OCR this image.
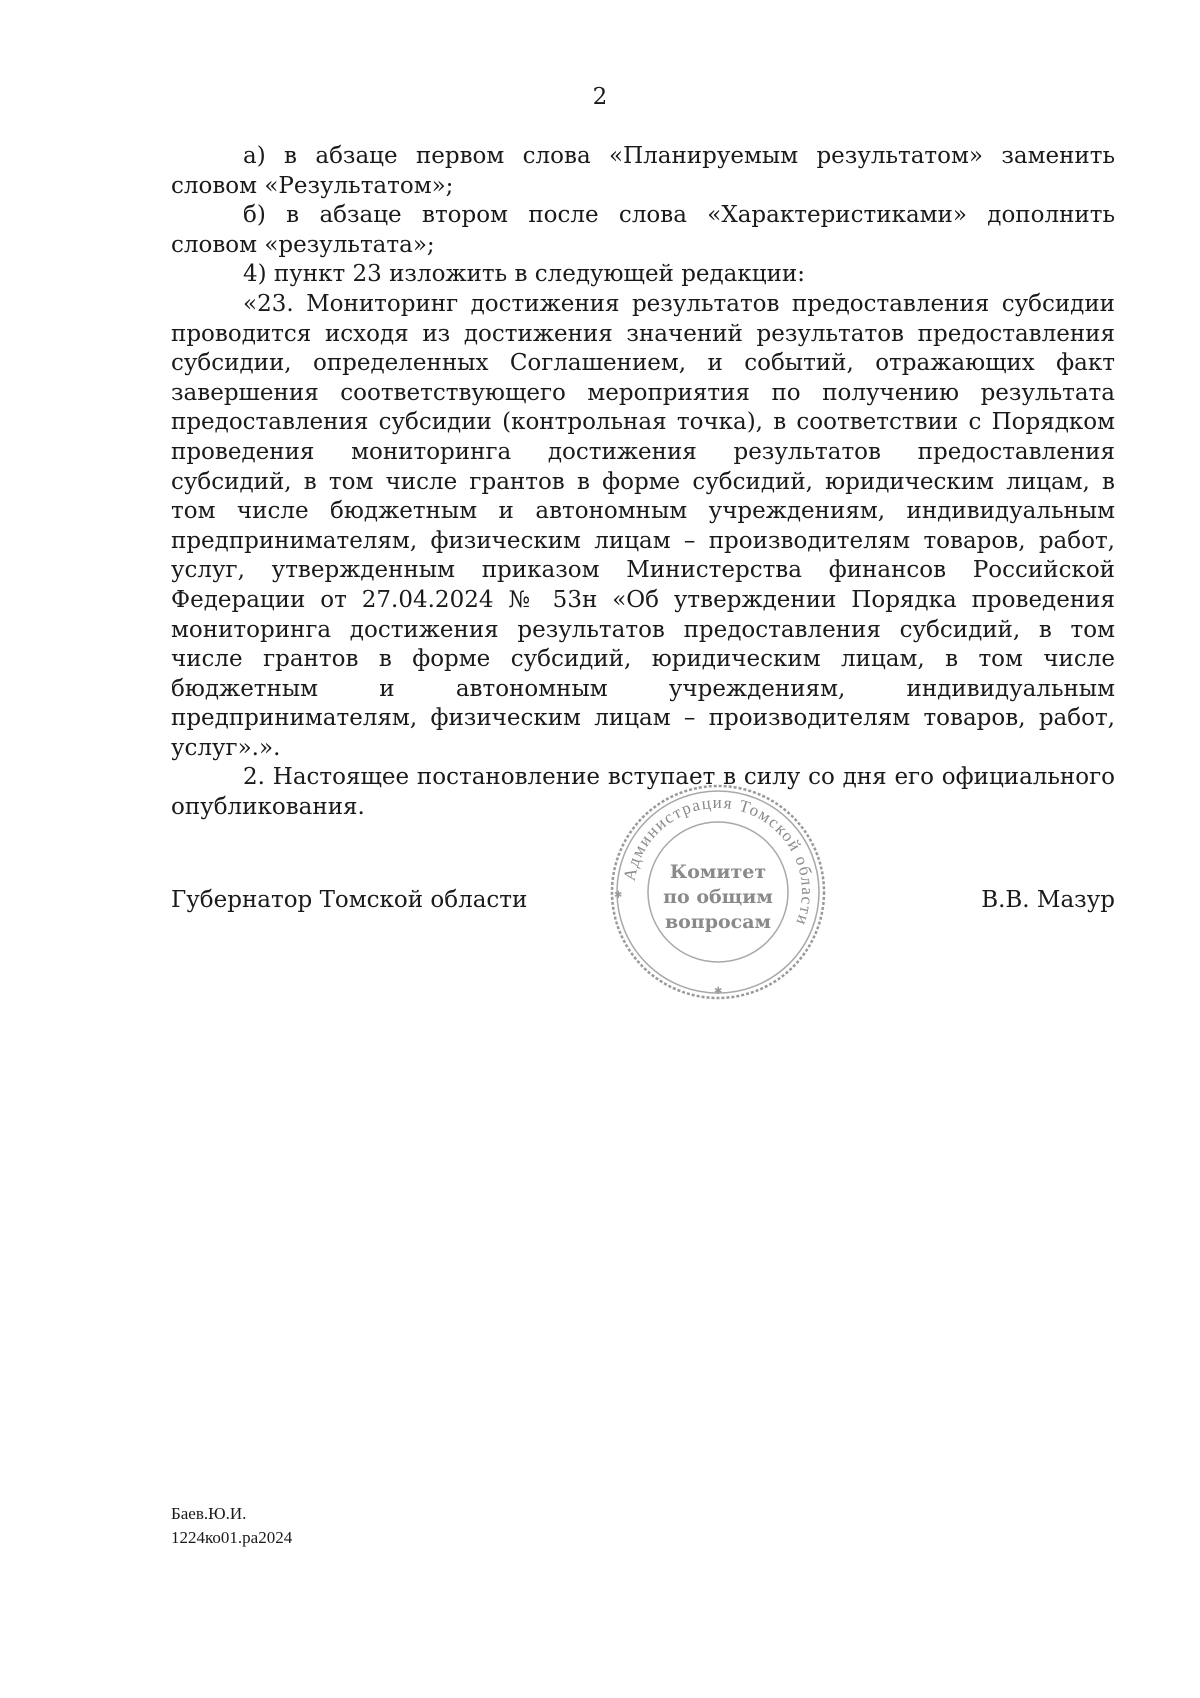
2

а) в абзаце первом слова «Планируемым результатом» заменить словом «Результатом»;

б) в абзаце втором после слова «Характеристиками» дополнить словом «результата»;

4) пункт 23 изложить в следующей редакции:

«23. Мониторинг достижения результатов предоставления субсидии проводится исходя из достижения значений результатов предоставления субсидии, определенных Соглашением, и событий, отражающих факт завершения соответствующего мероприятия по получению результата предоставления субсидии (контрольная точка), в соответствии с Порядком проведения мониторинга достижения результатов предоставления субсидий, в том числе грантов в форме субсидий, юридическим лицам, в том числе бюджетным и автономным учреждениям, индивидуальным предпринимателям, физическим лицам – производителям товаров, работ, услуг, утвержденным приказом Министерства финансов Российской Федерации от 27.04.2024 № 53н «Об утверждении Порядка проведения мониторинга достижения результатов предоставления субсидий, в том числе грантов в форме субсидий, юридическим лицам, в том числе бюджетным и автономным учреждениям, индивидуальным предпринимателям, физическим лицам – производителям товаров, работ, услуг».».

2. Настоящее постановление вступает в силу со дня его официального опубликования.

Губернатор Томской области
Администрация Томской области
✱
✱
Комитет
по общим
вопросам
В.В. Мазур
Баев.Ю.И.
1224ко01.ра2024
